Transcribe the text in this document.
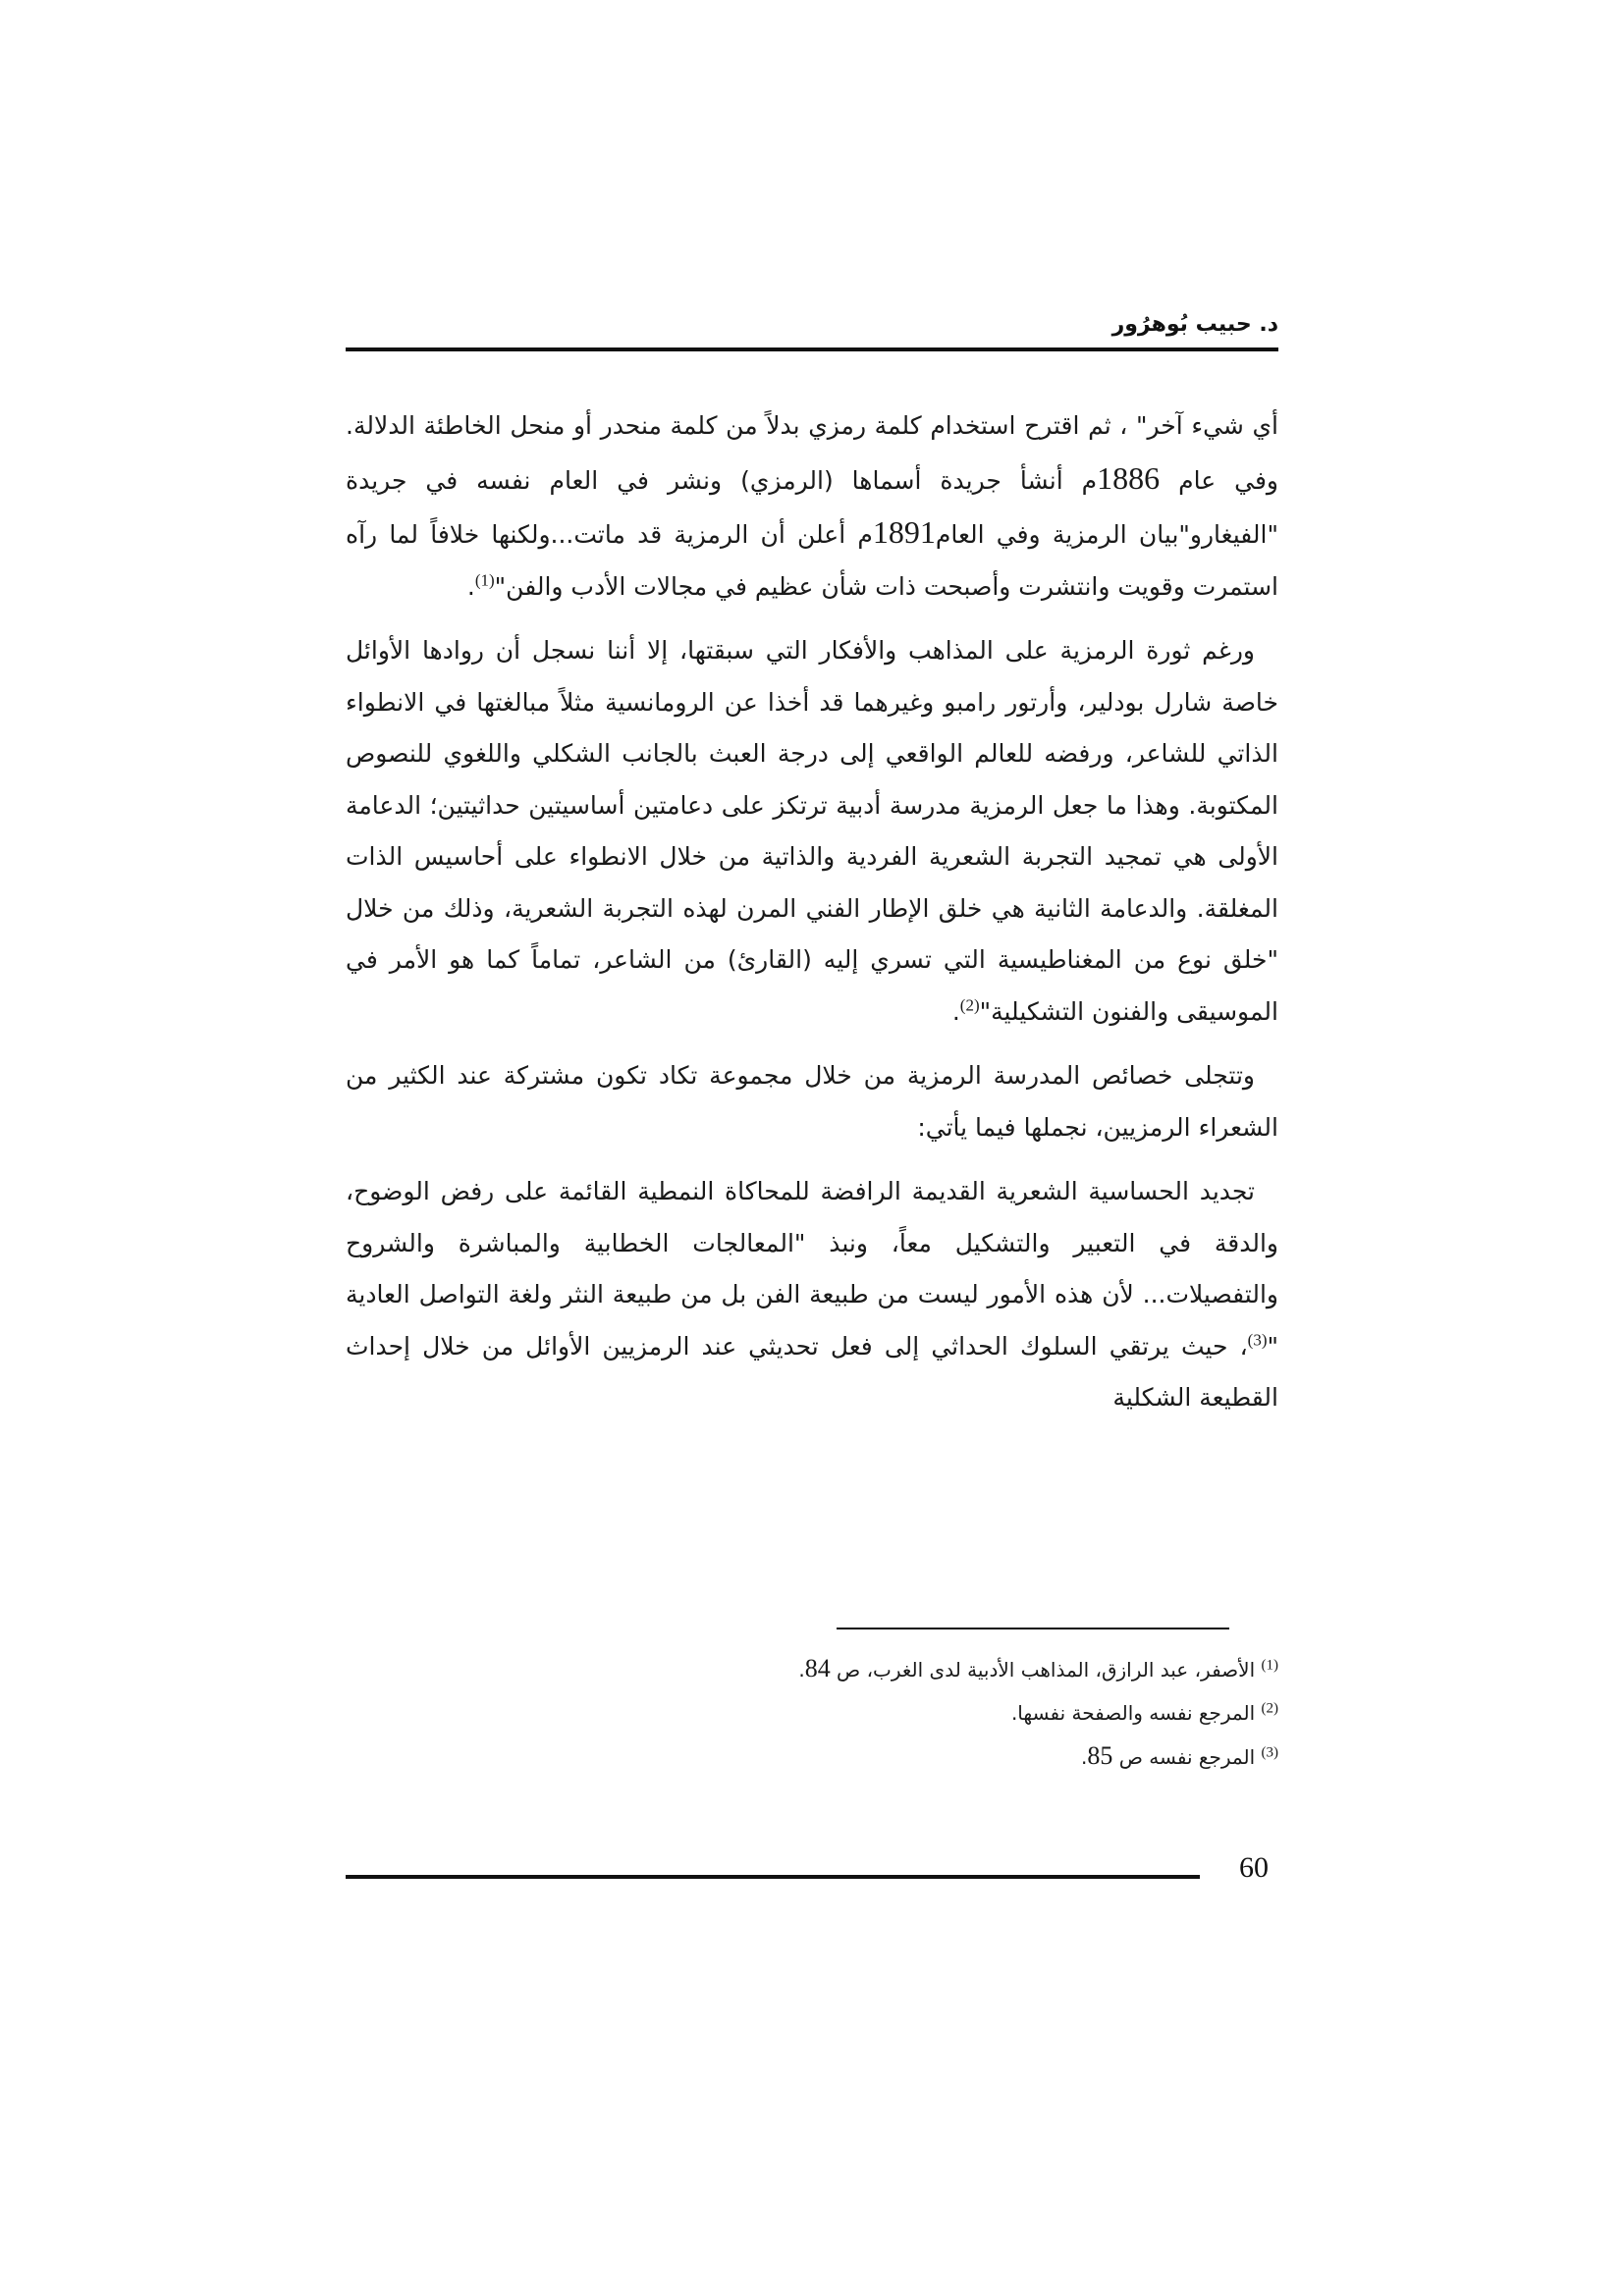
د. حبيب بُوهرُور

أي شيء آخر" ، ثم اقترح استخدام كلمة رمزي بدلاً من كلمة منحدر أو منحل الخاطئة الدلالة. وفي عام 1886م أنشأ جريدة أسماها (الرمزي) ونشر في العام نفسه في جريدة "الفيغارو"بيان الرمزية وفي العام1891م أعلن أن الرمزية قد ماتت...ولكنها خلافاً لما رآه استمرت وقويت وانتشرت وأصبحت ذات شأن عظيم في مجالات الأدب والفن"$^{(1)}$.

ورغم ثورة الرمزية على المذاهب والأفكار التي سبقتها، إلا أننا نسجل أن روادها الأوائل خاصة شارل بودلير، وأرتور رامبو وغيرهما قد أخذا عن الرومانسية مثلاً مبالغتها في الانطواء الذاتي للشاعر، ورفضه للعالم الواقعي إلى درجة العبث بالجانب الشكلي واللغوي للنصوص المكتوبة. وهذا ما جعل الرمزية مدرسة أدبية ترتكز على دعامتين أساسيتين حداثيتين؛ الدعامة الأولى هي تمجيد التجربة الشعرية الفردية والذاتية من خلال الانطواء على أحاسيس الذات المغلقة. والدعامة الثانية هي خلق الإطار الفني المرن لهذه التجربة الشعرية، وذلك من خلال "خلق نوع من المغناطيسية التي تسري إليه (القارئ) من الشاعر، تماماً كما هو الأمر في الموسيقى والفنون التشكيلية"$^{(2)}$.

وتتجلى خصائص المدرسة الرمزية من خلال مجموعة تكاد تكون مشتركة عند الكثير من الشعراء الرمزيين، نجملها فيما يأتي:

تجديد الحساسية الشعرية القديمة الرافضة للمحاكاة النمطية القائمة على رفض الوضوح، والدقة في التعبير والتشكيل معاً، ونبذ "المعالجات الخطابية والمباشرة والشروح والتفصيلات... لأن هذه الأمور ليست من طبيعة الفن بل من طبيعة النثر ولغة التواصل العادية "$^{(3)}$، حيث يرتقي السلوك الحداثي إلى فعل تحديثي عند الرمزيين الأوائل من خلال إحداث القطيعة الشكلية

$^{(1)}$ الأصفر، عبد الرازق، المذاهب الأدبية لدى الغرب، ص 84.
$^{(2)}$ المرجع نفسه والصفحة نفسها.
$^{(3)}$ المرجع نفسه ص 85.
60
